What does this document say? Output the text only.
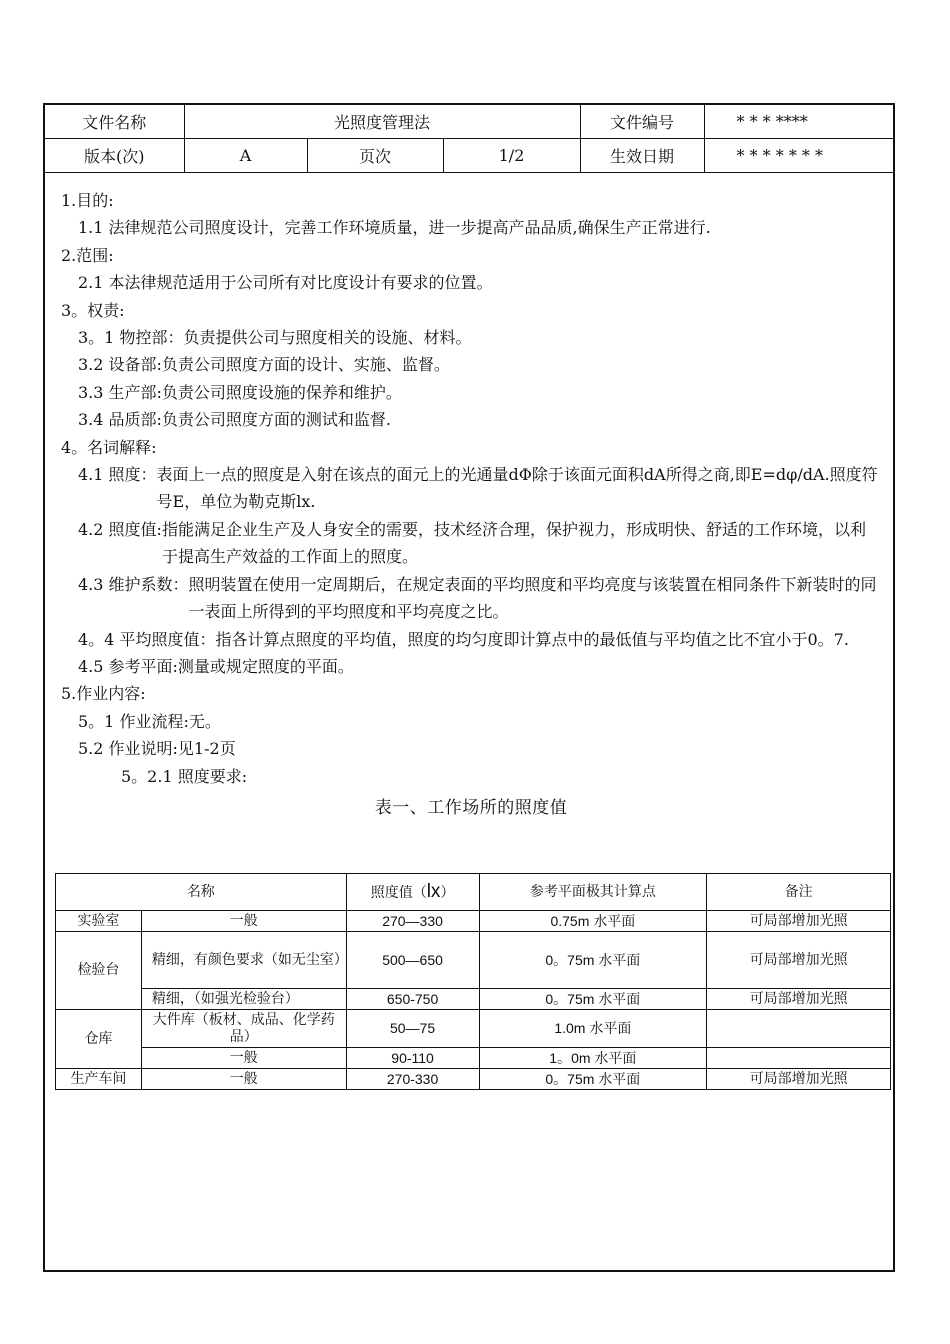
文件名称	光照度管理法			文件编号	* * * ****
版本(次)	A	页次	1/2	生效日期	* * * * * * *
1.目的:
1.1 法律规范公司照度设计，完善工作环境质量，进一步提高产品品质,确保生产正常进行.
2.范围:
2.1 本法律规范适用于公司所有对比度设计有要求的位置。
3。权责:
3。1 物控部：负责提供公司与照度相关的设施、材料。
3.2 设备部:负责公司照度方面的设计、实施、监督。
3.3 生产部:负责公司照度设施的保养和维护。
3.4 品质部:负责公司照度方面的测试和监督.
4。名词解释:
4.1 照度： 表面上一点的照度是入射在该点的面元上的光通量dΦ除于该面元面积dA所得之商,即E=dφ/dA.照度符号E，单位为勒克斯lx.
4.2 照度值: 指能满足企业生产及人身安全的需要，技术经济合理，保护视力，形成明快、舒适的工作环境，以利于提高生产效益的工作面上的照度。
4.3 维护系数： 照明装置在使用一定周期后，在规定表面的平均照度和平均亮度与该装置在相同条件下新装时的同一表面上所得到的平均照度和平均亮度之比。
4。4 平均照度值： 指各计算点照度的平均值，照度的均匀度即计算点中的最低值与平均值之比不宜小于0。7.
4.5 参考平面:测量或规定照度的平面。
5.作业内容:
5。1 作业流程:无。
5.2 作业说明:见1-2页
5。2.1 照度要求:
表一、工作场所的照度值
名称		照度值（lx）	参考平面极其计算点	备注
实验室	一般	270—330	0.75m 水平面	可局部增加光照
检验台	精细，有颜色要求（如无尘室）	500—650	0。75m 水平面	可局部增加光照
	精细，（如强光检验台）	650-750	0。75m 水平面	可局部增加光照
仓库	大件库（板材、成品、化学药品）	50—75	1.0m 水平面	
	一般	90-110	1。0m 水平面	
生产车间	一般	270-330	0。75m 水平面	可局部增加光照
